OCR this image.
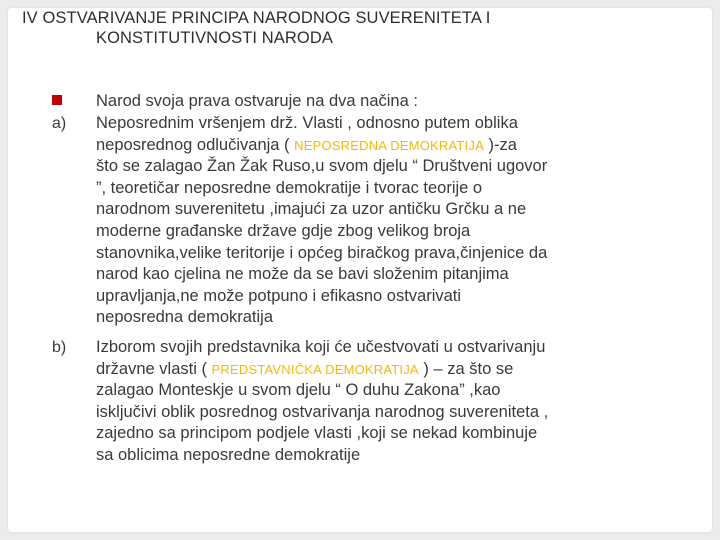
IV OSTVARIVANJE PRINCIPA NARODNOG SUVERENITETA I
KONSTITUTIVNOSTI NARODA
Narod svoja prava ostvaruje na dva načina :
a) Neposrednim vršenjem drž. Vlasti , odnosno putem oblika
neposrednog odlučivanja ( NEPOSREDNA DEMOKRATIJA )-za
što se zalagao Žan Žak Ruso,u svom djelu “ Društveni ugovor
”, teoretičar neposredne demokratije i tvorac teorije o
narodnom suverenitetu ,imajući za uzor antičku Grčku a ne
moderne građanske države gdje zbog velikog broja
stanovnika,velike teritorije i općeg biračkog prava,činjenice da
narod kao cjelina ne može da se bavi složenim pitanjima
upravljanja,ne može potpuno i efikasno ostvarivati
neposredna demokratija
b) Izborom svojih predstavnika koji će učestvovati u ostvarivanju
državne vlasti ( PREDSTAVNIČKA DEMOKRATIJA ) – za što se
zalagao Monteskje u svom djelu “ O duhu Zakona” ,kao
isključivi oblik posrednog ostvarivanja narodnog suvereniteta ,
zajedno sa principom podjele vlasti ,koji se nekad kombinuje
sa oblicima neposredne demokratije
